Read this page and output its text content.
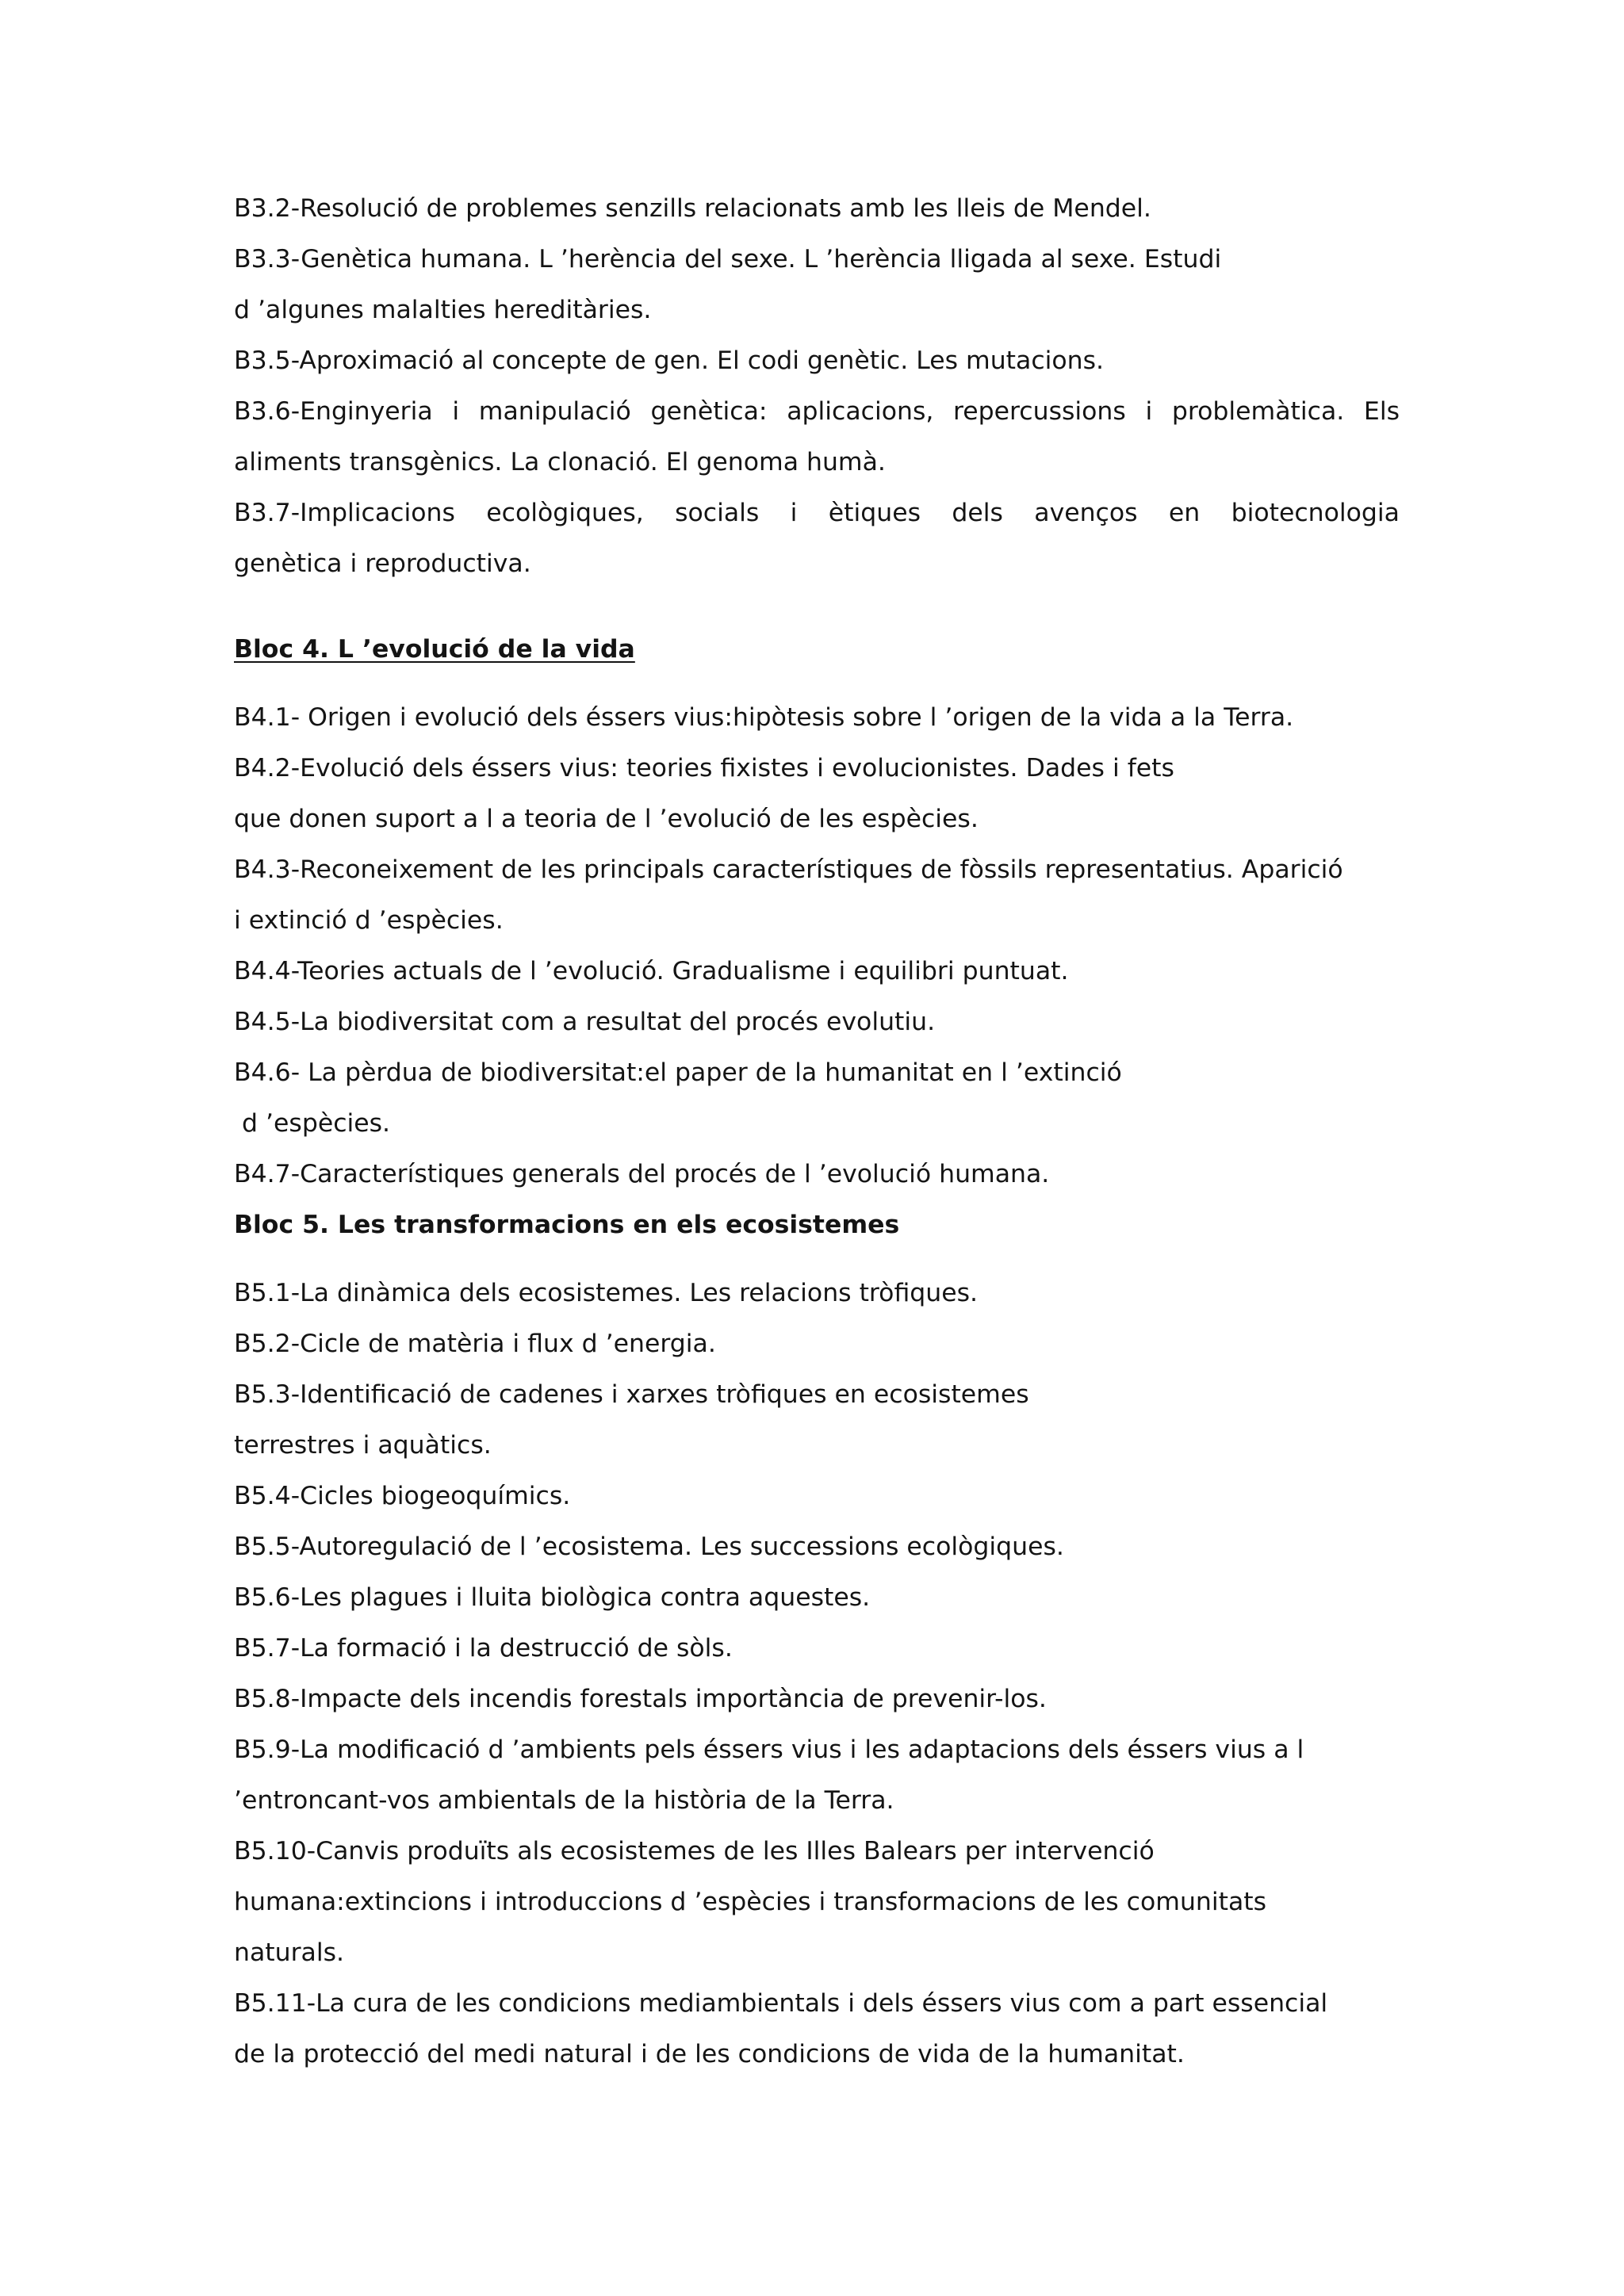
B3.2-Resolució de problemes senzills relacionats amb les lleis de Mendel.
B3.3-Genètica humana. L ’herència del sexe. L ’herència lligada al sexe. Estudi
d ’algunes malalties hereditàries.
B3.5-Aproximació al concepte de gen. El codi genètic. Les mutacions.
B3.6-Enginyeria i manipulació genètica: aplicacions, repercussions i problemàtica. Els
aliments transgènics. La clonació. El genoma humà.
B3.7-Implicacions ecològiques, socials i ètiques dels avenços en biotecnologia
genètica i reproductiva.
Bloc 4. L ’evolució de la vida
B4.1- Origen i evolució dels éssers vius:hipòtesis sobre l ’origen de la vida a la Terra.
B4.2-Evolució dels éssers vius: teories fixistes i evolucionistes. Dades i fets
que donen suport a l a teoria de l ’evolució de les espècies.
B4.3-Reconeixement de les principals característiques de fòssils representatius. Aparició
i extinció d ’espècies.
B4.4-Teories actuals de l ’evolució. Gradualisme i equilibri puntuat.
B4.5-La biodiversitat com a resultat del procés evolutiu.
B4.6- La pèrdua de biodiversitat:el paper de la humanitat en l ’extinció
d ’espècies.
B4.7-Característiques generals del procés de l ’evolució humana.
Bloc 5. Les transformacions en els ecosistemes
B5.1-La dinàmica dels ecosistemes. Les relacions tròfiques.
B5.2-Cicle de matèria i flux d ’energia.
B5.3-Identificació de cadenes i xarxes tròfiques en ecosistemes
terrestres i aquàtics.
B5.4-Cicles biogeoquímics.
B5.5-Autoregulació de l ’ecosistema. Les successions ecològiques.
B5.6-Les plagues i lluita biològica contra aquestes.
B5.7-La formació i la destrucció de sòls.
B5.8-Impacte dels incendis forestals importància de prevenir-los.
B5.9-La modificació d ’ambients pels éssers vius i les adaptacions dels éssers vius a l
’entroncant-vos ambientals de la història de la Terra.
B5.10-Canvis produïts als ecosistemes de les Illes Balears per intervenció
humana:extincions i introduccions d ’espècies i transformacions de les comunitats
naturals.
B5.11-La cura de les condicions mediambientals i dels éssers vius com a part essencial
de la protecció del medi natural i de les condicions de vida de la humanitat.
